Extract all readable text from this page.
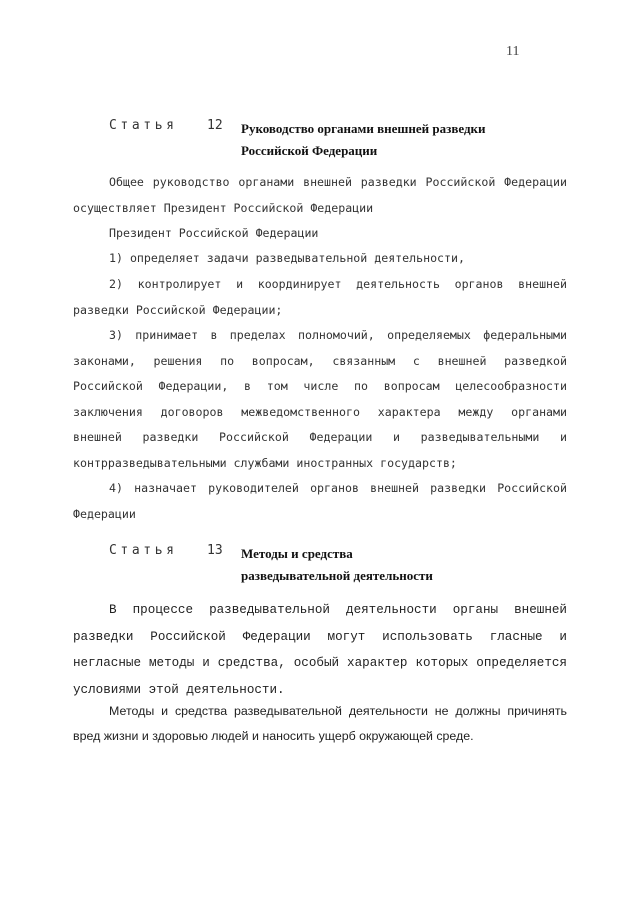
11
Статья 12 Руководство органами внешней разведки Российской Федерации
Общее руководство органами внешней разведки Российской Федерации осуществляет Президент Российской Федерации
Президент Российской Федерации
1) определяет задачи разведывательной деятельности,
2) контролирует и координирует деятельность органов внешней разведки Российской Федерации;
3) принимает в пределах полномочий, определяемых федеральными законами, решения по вопросам, связанным с внешней разведкой Российской Федерации, в том числе по вопросам целесообразности заключения договоров межведомственного характера между органами внешней разведки Российской Федерации и разведывательными и контрразведывательными службами иностранных государств;
4) назначает руководителей органов внешней разведки Российской Федерации
Статья 13 Методы и средства разведывательной деятельности
В процессе разведывательной деятельности органы внешней разведки Российской Федерации могут использовать гласные и негласные методы и средства, особый характер которых определяется условиями этой деятельности.
Методы и средства разведывательной деятельности не должны причинять вред жизни и здоровью людей и наносить ущерб окружающей среде.
